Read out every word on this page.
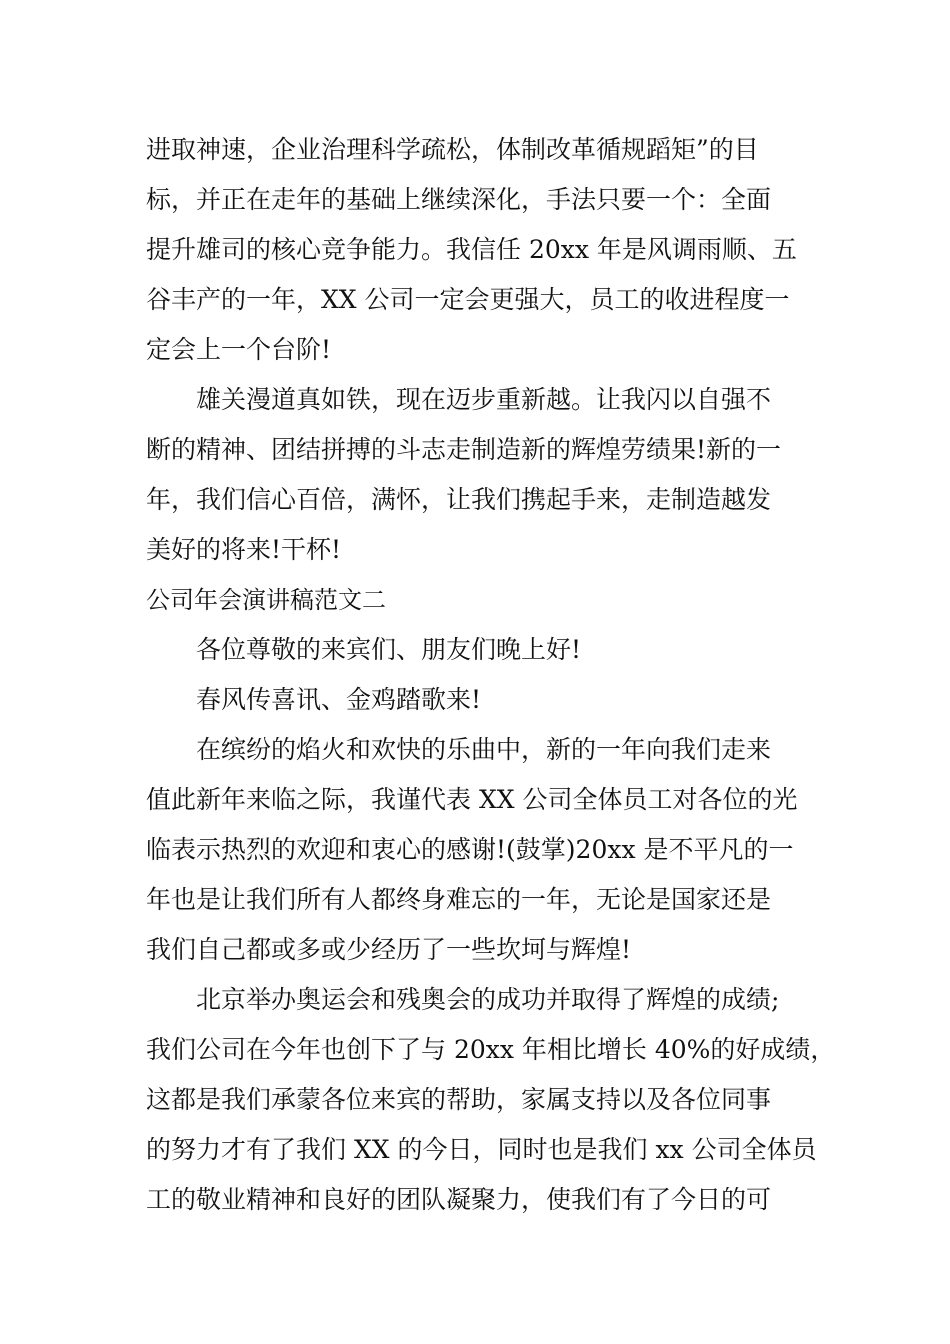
进取神速，企业治理科学疏松，体制改革循规蹈矩”的目
标，并正在走年的基础上继续深化，手法只要一个：全面
提升雄司的核心竞争能力。我信任 20xx 年是风调雨顺、五
谷丰产的一年，XX 公司一定会更强大，员工的收进程度一
定会上一个台阶!
雄关漫道真如铁，现在迈步重新越。让我闪以自强不
断的精神、团结拼搏的斗志走制造新的辉煌劳绩果!新的一
年，我们信心百倍，满怀，让我们携起手来，走制造越发
美好的将来!干杯!
公司年会演讲稿范文二
各位尊敬的来宾们、朋友们晚上好!
春风传喜讯、金鸡踏歌来!
在缤纷的焰火和欢快的乐曲中，新的一年向我们走来
值此新年来临之际，我谨代表 XX 公司全体员工对各位的光
临表示热烈的欢迎和衷心的感谢!(鼓掌)20xx 是不平凡的一
年也是让我们所有人都终身难忘的一年，无论是国家还是
我们自己都或多或少经历了一些坎坷与辉煌!
北京举办奥运会和残奥会的成功并取得了辉煌的成绩;
我们公司在今年也创下了与 20xx 年相比增长 40%的好成绩，
这都是我们承蒙各位来宾的帮助，家属支持以及各位同事
的努力才有了我们 XX 的今日，同时也是我们 xx 公司全体员
工的敬业精神和良好的团队凝聚力，使我们有了今日的可
